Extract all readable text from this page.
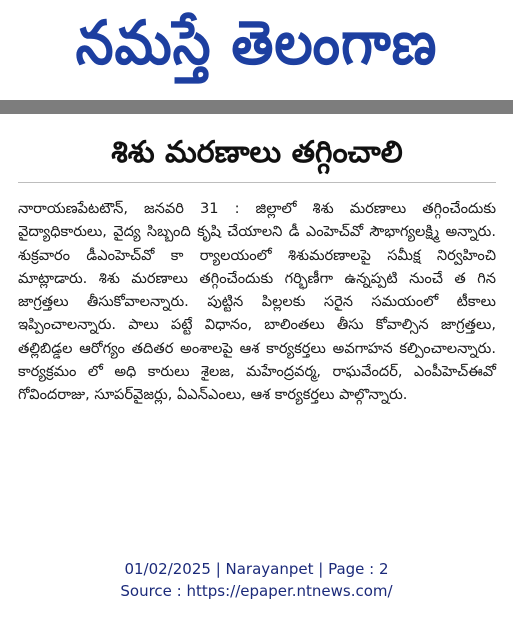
నమస్తే తెలంగాణ
శిశు మరణాలు తగ్గించాలి

నారాయణపేటటౌన్, జనవరి 31 : జిల్లాలో శిశు మరణాలు తగ్గించేందుకు వైద్యాధికారులు, వైద్య సిబ్బంది కృషి చేయాలని డీ ఎంహెచ్‌వో సౌభాగ్యలక్ష్మి అన్నారు. శుక్రవారం డీఎంహెచ్‌వో కా ర్యాలయంలో శిశుమరణాలపై సమీక్ష నిర్వహించి మాట్లాడారు. శిశు మరణాలు తగ్గించేందుకు గర్భిణీగా ఉన్నప్పటి నుంచే త గిన జాగ్రత్తలు తీసుకోవాలన్నారు. పుట్టిన పిల్లలకు సరైన సమయంలో టీకాలు ఇప్పించాలన్నారు. పాలు పట్టే విధానం, బాలింతలు తీసు కోవాల్సిన జాగ్రత్తలు, తల్లిబిడ్డల ఆరోగ్యం తదితర అంశాలపై ఆశ కార్యకర్తలు అవగాహన కల్పించాలన్నారు. కార్యక్రమం లో అధి కారులు శైలజ, మహేంద్రవర్మ, రాఘవేందర్, ఎంపీహెచ్‌ఈవో గోవిందరాజు, సూపర్‌వైజర్లు, ఏఎన్‌ఎంలు, ఆశ కార్యకర్తలు పాల్గొన్నారు.

01/02/2025 | Narayanpet | Page : 2
Source : https://epaper.ntnews.com/
